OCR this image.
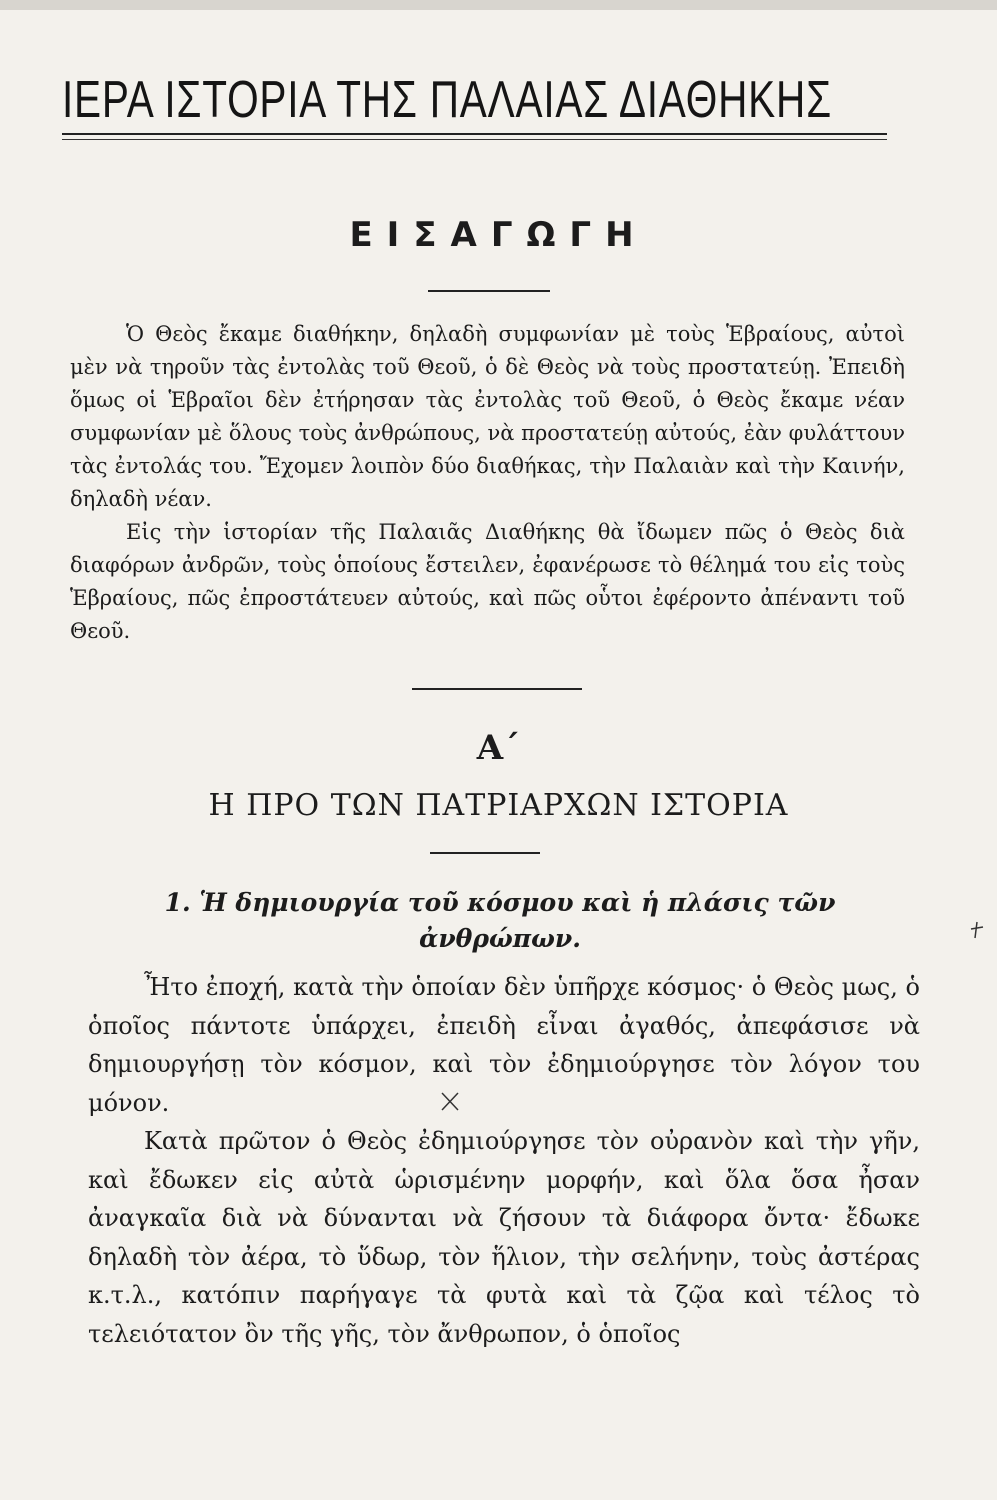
ΙΕΡΑ ΙΣΤΟΡΙΑ ΤΗΣ ΠΑΛΑΙΑΣ ΔΙΑΘΗΚΗΣ
ΕΙΣΑΓΩΓΗ

Ὁ Θεὸς ἔκαμε διαθήκην, δηλαδὴ συμφωνίαν μὲ τοὺς Ἑβραίους, αὐτοὶ μὲν νὰ τηροῦν τὰς ἐντολὰς τοῦ Θεοῦ, ὁ δὲ Θεὸς νὰ τοὺς προστατεύῃ. Ἐπειδὴ ὅμως οἱ Ἑβραῖοι δὲν ἐτήρησαν τὰς ἐντολὰς τοῦ Θεοῦ, ὁ Θεὸς ἔκαμε νέαν συμφωνίαν μὲ ὅλους τοὺς ἀνθρώπους, νὰ προστατεύῃ αὐτούς, ἐὰν φυλάττουν τὰς ἐντολάς του. Ἔχομεν λοιπὸν δύο διαθήκας, τὴν Παλαιὰν καὶ τὴν Καινήν, δηλαδὴ νέαν.

Εἰς τὴν ἱστορίαν τῆς Παλαιᾶς Διαθήκης θὰ ἴδωμεν πῶς ὁ Θεὸς διὰ διαφόρων ἀνδρῶν, τοὺς ὁποίους ἔστειλεν, ἐφανέρωσε τὸ θέλημά του εἰς τοὺς Ἑβραίους, πῶς ἐπροστάτευεν αὐτούς, καὶ πῶς οὗτοι ἐφέροντο ἀπέναντι τοῦ Θεοῦ.

Α΄
Η ΠΡΟ ΤΩΝ ΠΑΤΡΙΑΡΧΩΝ ΙΣΤΟΡΙΑ
1. Ἡ δημιουργία τοῦ κόσμου καὶ ἡ πλάσις τῶν ἀνθρώπων.

Ἦτο ἐποχή, κατὰ τὴν ὁποίαν δὲν ὑπῆρχε κόσμος· ὁ Θεὸς μως, ὁ ὁποῖος πάντοτε ὑπάρχει, ἐπειδὴ εἶναι ἀγαθός, ἀπεφάσισε νὰ δημιουργήσῃ τὸν κόσμον, καὶ τὸν ἐδημιούργησε τὸν λόγον του μόνον.

Κατὰ πρῶτον ὁ Θεὸς ἐδημιούργησε τὸν οὐρανὸν καὶ τὴν γῆν, καὶ ἔδωκεν εἰς αὐτὰ ὡρισμένην μορφήν, καὶ ὅλα ὅσα ἦσαν ἀναγκαῖα διὰ νὰ δύνανται νὰ ζήσουν τὰ διάφορα ὄντα· ἔδωκε δηλαδὴ τὸν ἀέρα, τὸ ὕδωρ, τὸν ἥλιον, τὴν σελήνην, τοὺς ἀστέρας κ.τ.λ., κατόπιν παρήγαγε τὰ φυτὰ καὶ τὰ ζῷα καὶ τέλος τὸ τελειότατον ὂν τῆς γῆς, τὸν ἄνθρωπον, ὁ ὁποῖος
